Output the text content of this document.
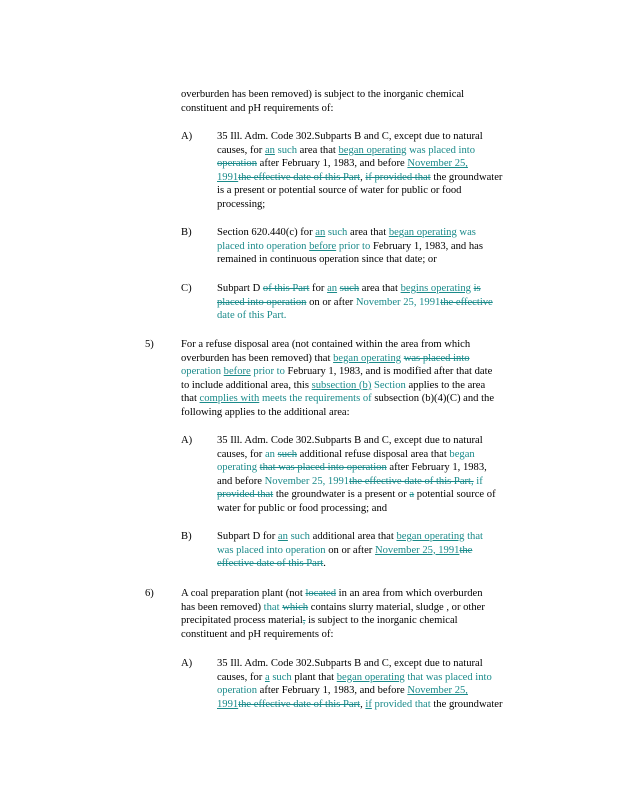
overburden has been removed) is subject to the inorganic chemical
constituent and pH requirements of:
A) 35 Ill. Adm. Code 302.Subparts B and C, except due to natural
causes, for an such area that began operating was placed into
operation after February 1, 1983, and before November 25,
1991the effective date of this Part, if provided that the groundwater
is a present or potential source of water for public or food
processing;
B) Section 620.440(c) for an such area that began operating was
placed into operation before prior to February 1, 1983, and has
remained in continuous operation since that date; or
C) Subpart D of this Part for an such area that begins operating is
placed into operation on or after November 25, 1991the effective
date of this Part.
5)	For a refuse disposal area (not contained within the area from which
overburden has been removed) that began operating was placed into
operation before prior to February 1, 1983, and is modified after that date
to include additional area, this subsection (b) Section applies to the area
that complies with meets the requirements of subsection (b)(4)(C) and the
following applies to the additional area:
A) 35 Ill. Adm. Code 302.Subparts B and C, except due to natural
causes, for an such additional refuse disposal area that began
operating that was placed into operation after February 1, 1983,
and before November 25, 1991the effective date of this Part, if
provided that the groundwater is a present or a potential source of
water for public or food processing; and
B) Subpart D for an such additional area that began operating that
was placed into operation on or after November 25, 1991the
effective date of this Part.
6)	A coal preparation plant (not located in an area from which overburden
has been removed) that which contains slurry material, sludge , or other
precipitated process material, is subject to the inorganic chemical
constituent and pH requirements of:
A) 35 Ill. Adm. Code 302.Subparts B and C, except due to natural
causes, for a such plant that began operating that was placed into
operation after February 1, 1983, and before November 25,
1991the effective date of this Part, if provided that the groundwater
